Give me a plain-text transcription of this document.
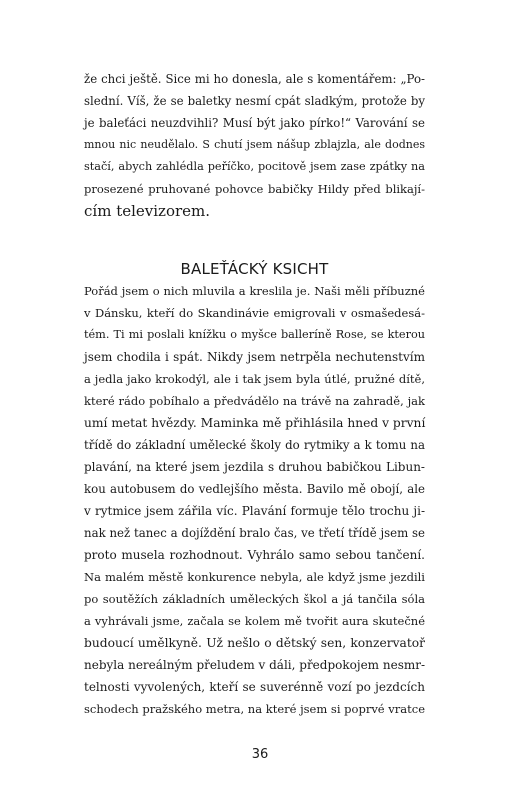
že chci ještě. Sice mi ho donesla, ale s komentářem: „Po-
slední. Víš, že se baletky nesmí cpát sladkým, protože by
je baleťáci neuzdvihli? Musí být jako pírko!“ Varování se
mnou nic neudělalo. S chutí jsem nášup zblajzla, ale dodnes
stačí, abych zahlédla peříčko, pocitově jsem zase zpátky na
prosezené pruhované pohovce babičky Hildy před blikají-
cím televizorem.
BALEŤÁCKÝ KSICHT
Pořád jsem o nich mluvila a kreslila je. Naši měli příbuzné
v Dánsku, kteří do Skandinávie emigrovali v osmašedesá-
tém. Ti mi poslali knížku o myšce balleríně Rose, se kterou
jsem chodila i spát. Nikdy jsem netrpěla nechutenstvím
a jedla jako krokodýl, ale i tak jsem byla útlé, pružné dítě,
které rádo pobíhalo a předvádělo na trávě na zahradě, jak
umí metat hvězdy. Maminka mě přihlásila hned v první
třídě do základní umělecké školy do rytmiky a k tomu na
plavání, na které jsem jezdila s druhou babičkou Libun-
kou autobusem do vedlejšího města. Bavilo mě obojí, ale
v rytmice jsem zářila víc. Plavání formuje tělo trochu ji-
nak než tanec a dojíždění bralo čas, ve třetí třídě jsem se
proto musela rozhodnout. Vyhrálo samo sebou tančení.
Na malém městě konkurence nebyla, ale když jsme jezdili
po soutěžích základních uměleckých škol a já tančila sóla
a vyhrávali jsme, začala se kolem mě tvořit aura skutečné
budoucí umělkyně. Už nešlo o dětský sen, konzervatoř
nebyla nereálným přeludem v dáli, předpokojem nesmr-
telnosti vyvolených, kteří se suverénně vozí po jezdcích
schodech pražského metra, na které jsem si poprvé vratce
36
